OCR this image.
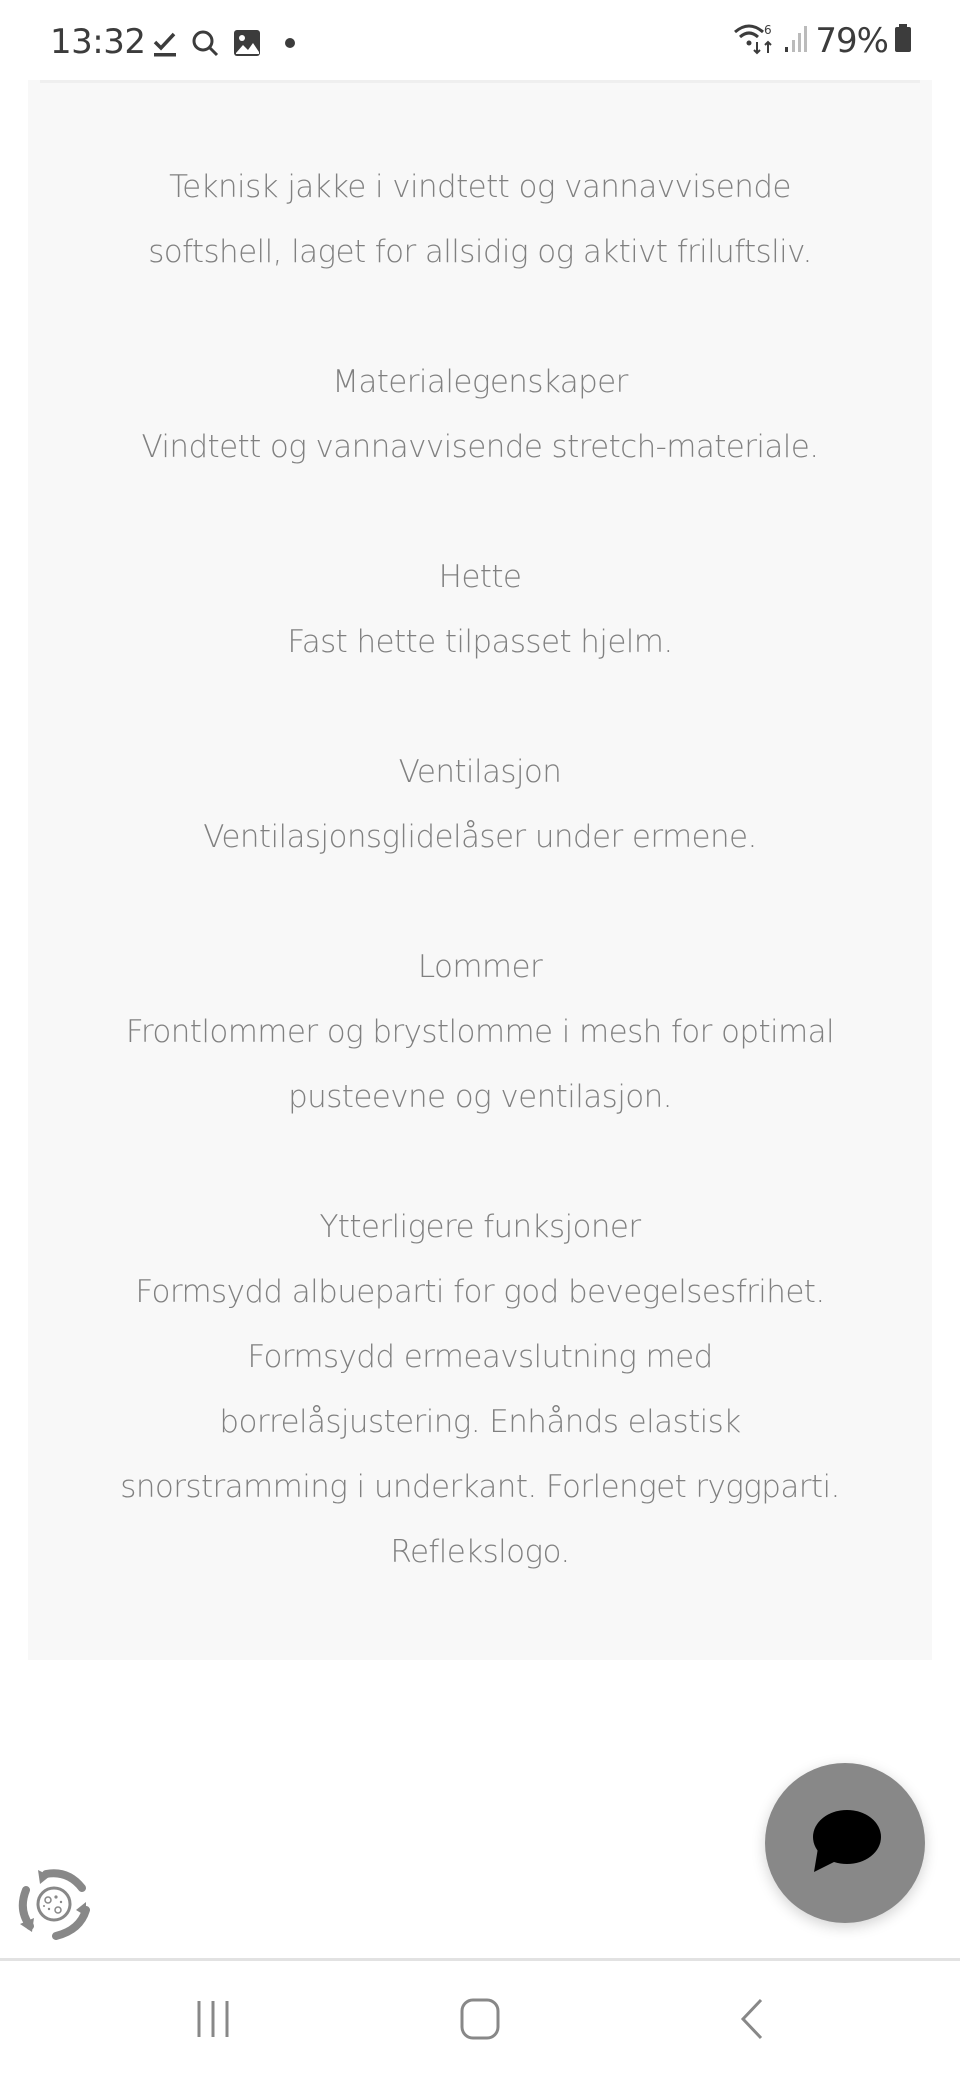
13:32	6 79%
Teknisk jakke i vindtett og vannavvisende
softshell, laget for allsidig og aktivt friluftsliv.
Materialegenskaper
Vindtett og vannavvisende stretch-materiale.
Hette
Fast hette tilpasset hjelm.
Ventilasjon
Ventilasjonsglidelåser under ermene.
Lommer
Frontlommer og brystlomme i mesh for optimal
pusteevne og ventilasjon.
Ytterligere funksjoner
Formsydd albueparti for god bevegelsesfrihet.
Formsydd ermeavslutning med
borrelåsjustering. Enhånds elastisk
snorstramming i underkant. Forlenget ryggparti.
Reflekslogo.
